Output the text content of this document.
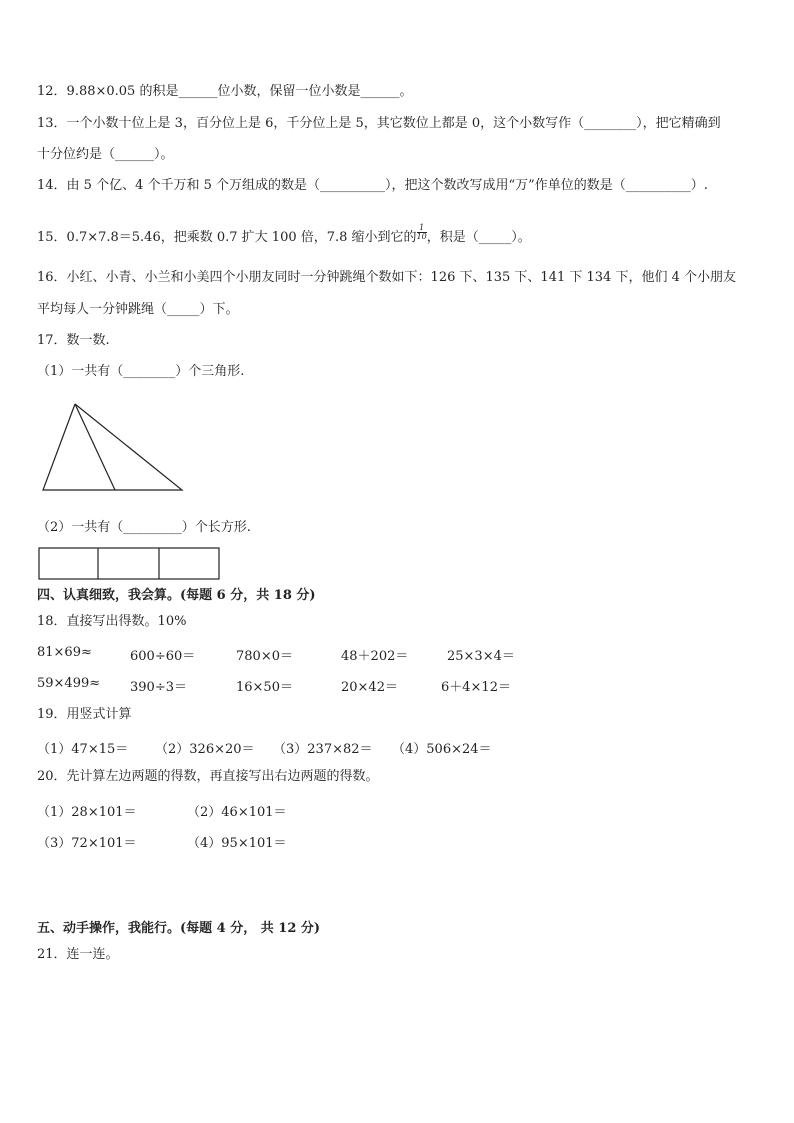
12．9.88×0.05 的积是______位小数，保留一位小数是______。
13．一个小数十位上是 3，百分位上是 6，千分位上是 5，其它数位上都是 0，这个小数写作（________），把它精确到
十分位约是（______）。
14．由 5 个亿、4 个千万和 5 个万组成的数是（__________），把这个数改写成用“万”作单位的数是（__________）.
15．0.7×7.8＝5.46，把乘数 0.7 扩大 100 倍，7.8 缩小到它的 $\frac{1}{10}$ ，积是（_____）。
16．小红、小青、小兰和小美四个小朋友同时一分钟跳绳个数如下：126 下、135 下、141 下 134 下，他们 4 个小朋友
平均每人一分钟跳绳（_____）下。
17．数一数.
（1）一共有（________）个三角形.
（2）一共有（_________）个长方形.
四、认真细致，我会算。(每题 6 分，共 18 分)
18．直接写出得数。10%
81×69≈	600÷60＝	780×0＝	48＋202＝	25×3×4＝
59×499≈ 390÷3＝	16×50＝	20×42＝	6＋4×12＝
19．用竖式计算
（1）47×15＝ （2）326×20＝ （3）237×82＝ （4）506×24＝
20．先计算左边两题的得数，再直接写出右边两题的得数。
（1）28×101＝	（2）46×101＝
（3）72×101＝	（4）95×101＝
五、动手操作，我能行。(每题 4 分， 共 12 分)
21．连一连。
